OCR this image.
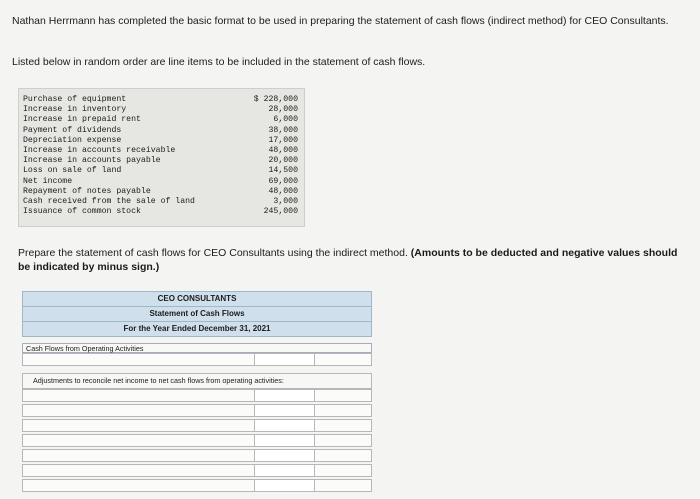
Nathan Herrmann has completed the basic format to be used in preparing the statement of cash flows (indirect method) for CEO Consultants.
Listed below in random order are line items to be included in the statement of cash flows.
Purchase of equipment	$ 228,000
Increase in inventory	28,000
Increase in prepaid rent	6,000
Payment of dividends	38,000
Depreciation expense	17,000
Increase in accounts receivable	48,000
Increase in accounts payable	20,000
Loss on sale of land	14,500
Net income	69,000
Repayment of notes payable	48,000
Cash received from the sale of land	3,000
Issuance of common stock	245,000
Prepare the statement of cash flows for CEO Consultants using the indirect method. (Amounts to be deducted and negative values should be indicated by minus sign.)
CEO CONSULTANTS
Statement of Cash Flows
For the Year Ended December 31, 2021
Cash Flows from Operating Activities
Adjustments to reconcile net income to net cash flows from operating activities:
